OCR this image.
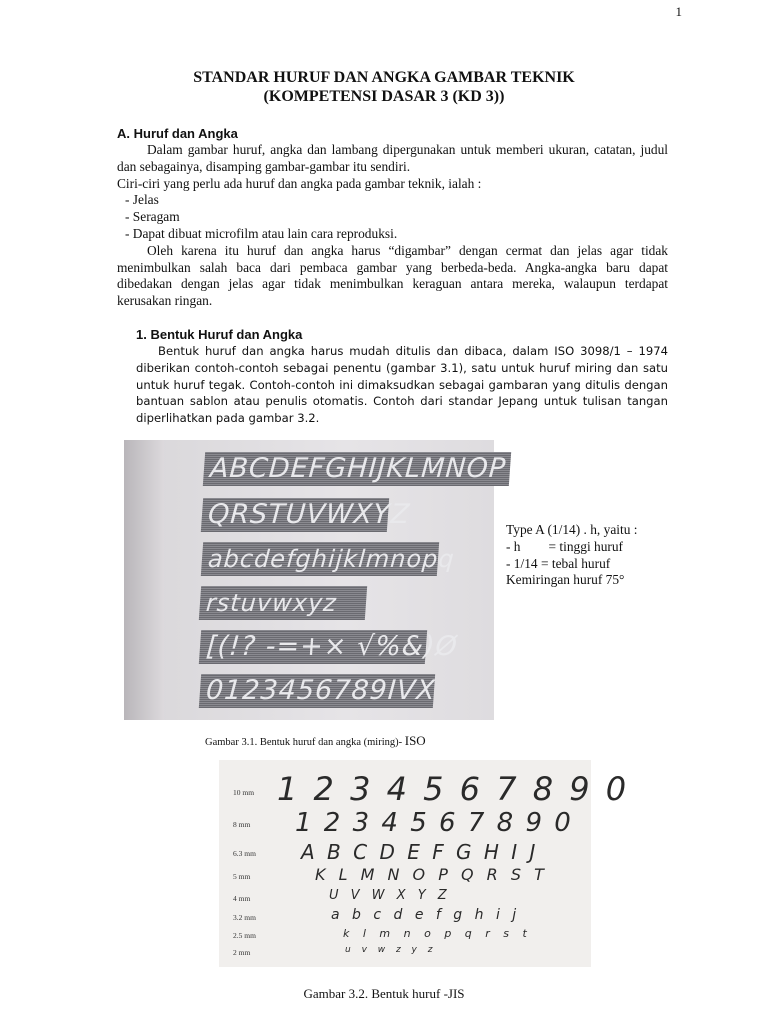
1
STANDAR HURUF DAN ANGKA GAMBAR TEKNIK
(KOMPETENSI DASAR 3 (KD 3))
A. Huruf dan Angka
Dalam gambar huruf, angka dan lambang dipergunakan untuk memberi ukuran, catatan, judul dan sebagainya, disamping gambar-gambar itu sendiri.
Ciri-ciri yang perlu ada huruf dan angka pada gambar teknik, ialah :
- Jelas
- Seragam
- Dapat dibuat microfilm atau lain cara reproduksi.
Oleh karena itu huruf dan angka harus “digambar” dengan cermat dan jelas agar tidak menimbulkan salah baca dari pembaca gambar yang berbeda-beda. Angka-angka baru dapat dibedakan dengan jelas agar tidak menimbulkan keraguan antara mereka, walaupun terdapat kerusakan ringan.
1. Bentuk Huruf dan Angka
Bentuk huruf dan angka harus mudah ditulis dan dibaca, dalam ISO 3098/1 – 1974 diberikan contoh-contoh sebagai penentu (gambar 3.1), satu untuk huruf miring dan satu untuk huruf tegak. Contoh-contoh ini dimaksudkan sebagai gambaran yang ditulis dengan bantuan sablon atau penulis otomatis. Contoh dari standar Jepang untuk tulisan tangan diperlihatkan pada gambar 3.2.
ABCDEFGHIJKLMNOP
QRSTUVWXYZ
abcdefghijklmnopq
rstuvwxyz
[(!? -=+× √%&)Ø
0123456789IVX
Gambar 3.1. Bentuk huruf dan angka (miring)- ISO
Type A (1/14) . h, yaitu :
- h = tinggi huruf
- 1/14 = tebal huruf
Kemiringan huruf 75°
10 mm 1 2 3 4 5 6 7 8 9 0
8 mm 1 2 3 4 5 6 7 8 9 0
6.3 mm A B C D E F G H I J
5 mm	K L M N O P Q R S T
4 mm	U V W X Y Z
3.2 mm	a b c d e f g h i j
2.5 mm	k l m n o p q r s t
2 mm	u v w z y z
Gambar 3.2. Bentuk huruf -JIS
